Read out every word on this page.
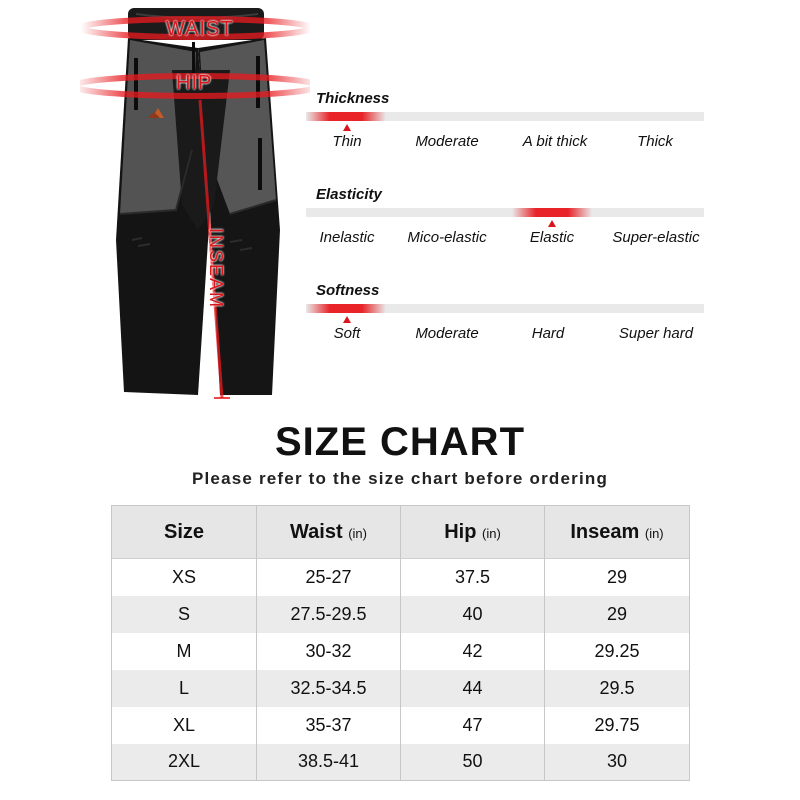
WAIST
HIP
INSEAM
Thickness
Thin	Moderate	A bit thick	Thick
Elasticity
Inelastic	Mico-elastic	Elastic	Super-elastic
Softness
Soft	Moderate	Hard	Super hard
SIZE CHART
Please refer to the size chart before ordering
Size	Waist (in)	Hip (in)	Inseam (in)
XS	25-27	37.5	29
S	27.5-29.5	40	29
M	30-32	42	29.25
L	32.5-34.5	44	29.5
XL	35-37	47	29.75
2XL	38.5-41	50	30
